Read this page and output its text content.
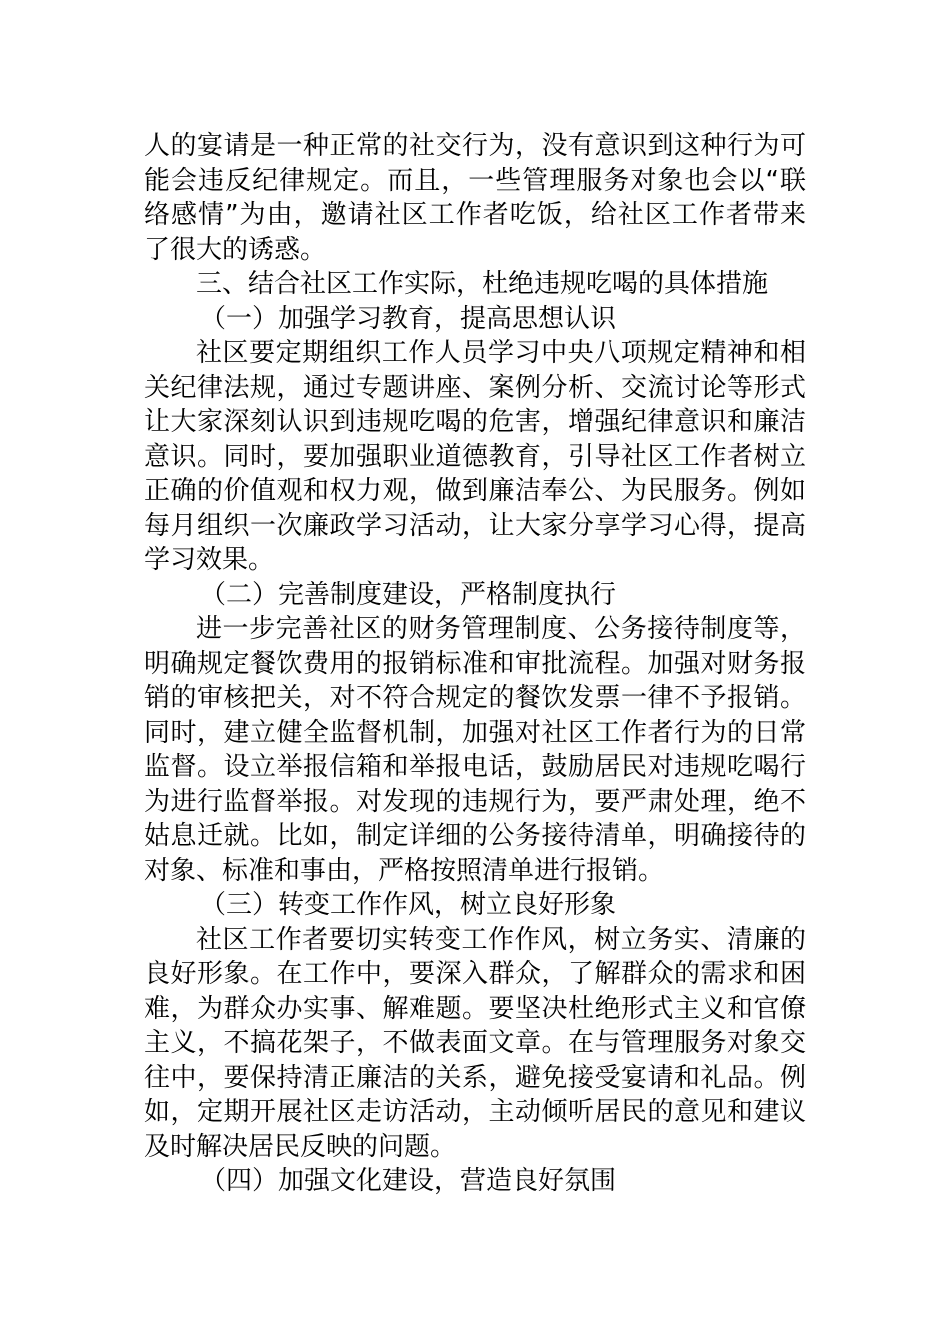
人的宴请是一种正常的社交行为，没有意识到这种行为可能会违反纪律规定。而且，一些管理服务对象也会以“联络感情”为由，邀请社区工作者吃饭，给社区工作者带来了很大的诱惑。

三、结合社区工作实际，杜绝违规吃喝的具体措施

（一）加强学习教育，提高思想认识

社区要定期组织工作人员学习中央八项规定精神和相关纪律法规，通过专题讲座、案例分析、交流讨论等形式让大家深刻认识到违规吃喝的危害，增强纪律意识和廉洁意识。同时，要加强职业道德教育，引导社区工作者树立正确的价值观和权力观，做到廉洁奉公、为民服务。例如每月组织一次廉政学习活动，让大家分享学习心得，提高学习效果。

（二）完善制度建设，严格制度执行

进一步完善社区的财务管理制度、公务接待制度等，明确规定餐饮费用的报销标准和审批流程。加强对财务报销的审核把关，对不符合规定的餐饮发票一律不予报销。同时，建立健全监督机制，加强对社区工作者行为的日常监督。设立举报信箱和举报电话，鼓励居民对违规吃喝行为进行监督举报。对发现的违规行为，要严肃处理，绝不姑息迁就。比如，制定详细的公务接待清单，明确接待的对象、标准和事由，严格按照清单进行报销。

（三）转变工作作风，树立良好形象

社区工作者要切实转变工作作风，树立务实、清廉的良好形象。在工作中，要深入群众，了解群众的需求和困难，为群众办实事、解难题。要坚决杜绝形式主义和官僚主义，不搞花架子，不做表面文章。在与管理服务对象交往中，要保持清正廉洁的关系，避免接受宴请和礼品。例如，定期开展社区走访活动，主动倾听居民的意见和建议及时解决居民反映的问题。

（四）加强文化建设，营造良好氛围
